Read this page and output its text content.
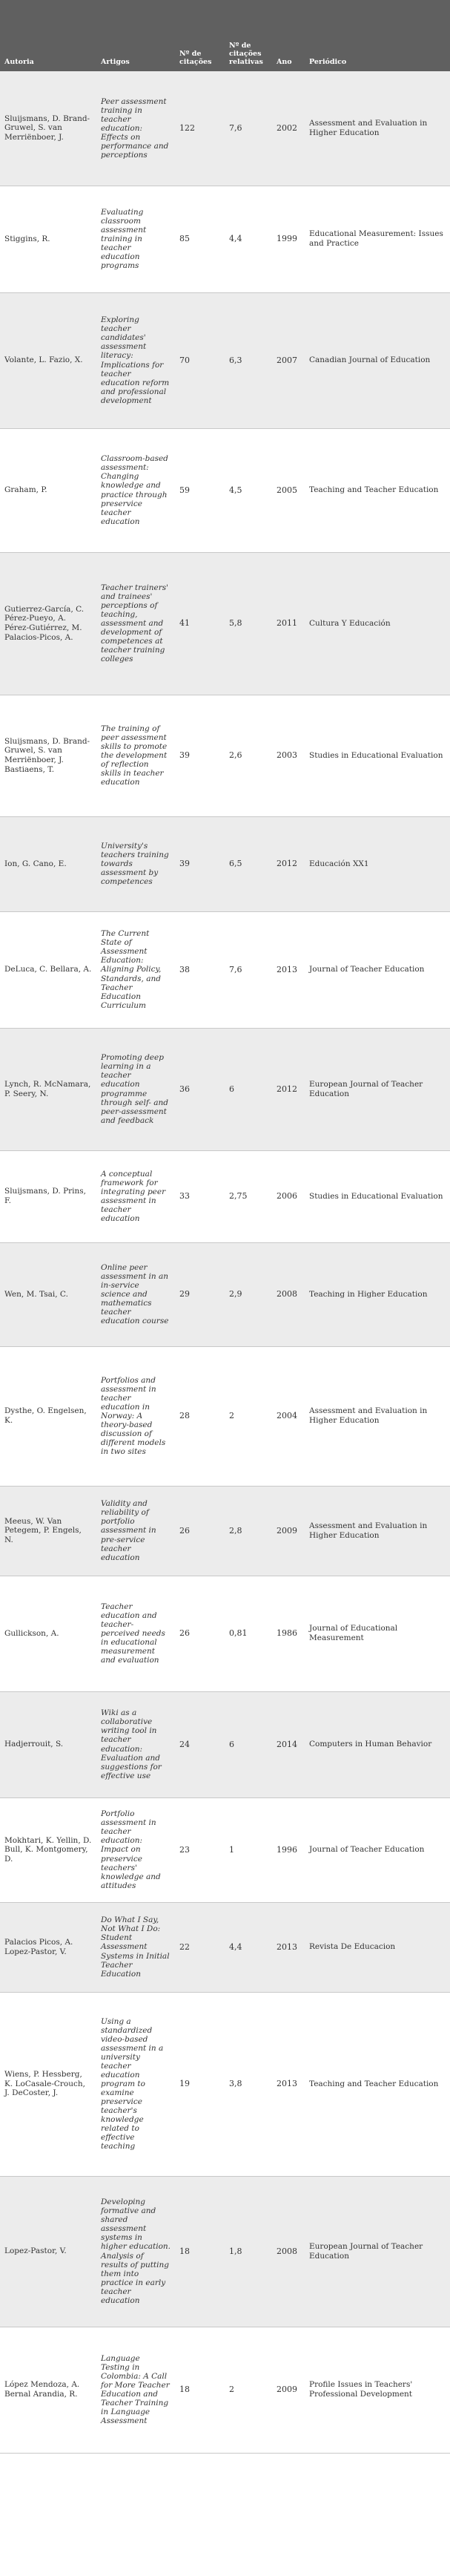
Autoria	Artigos	Nº de citações	Nº de citações relativas	Ano	Periódico
Sluijsmans, D. Brand-Gruwel, S. van Merriënboer, J.	Peer assessment training in teacher education: Effects on performance and perceptions	122	7,6	2002	Assessment and Evaluation in Higher Education
Stiggins, R.	Evaluating classroom assessment training in teacher education programs	85	4,4	1999	Educational Measurement: Issues and Practice
Volante, L. Fazio, X.	Exploring teacher candidates' assessment literacy: Implications for teacher education reform and professional development	70	6,3	2007	Canadian Journal of Education
Graham, P.	Classroom-based assessment: Changing knowledge and practice through preservice teacher education	59	4,5	2005	Teaching and Teacher Education
Gutierrez-García, C. Pérez-Pueyo, A. Pérez-Gutiérrez, M. Palacios-Picos, A.	Teacher trainers' and trainees' perceptions of teaching, assessment and development of competences at teacher training colleges	41	5,8	2011	Cultura Y Educación
Sluijsmans, D. Brand-Gruwel, S. van Merriënboer, J. Bastiaens, T.	The training of peer assessment skills to promote the development of reflection skills in teacher education	39	2,6	2003	Studies in Educational Evaluation
Ion, G. Cano, E.	University's teachers training towards assessment by competences	39	6,5	2012	Educación XX1
DeLuca, C. Bellara, A.	The Current State of Assessment Education: Aligning Policy, Standards, and Teacher Education Curriculum	38	7,6	2013	Journal of Teacher Education
Lynch, R. McNamara, P. Seery, N.	Promoting deep learning in a teacher education programme through self- and peer-assessment and feedback	36	6	2012	European Journal of Teacher Education
Sluijsmans, D. Prins, F.	A conceptual framework for integrating peer assessment in teacher education	33	2,75	2006	Studies in Educational Evaluation
Wen, M. Tsai, C.	Online peer assessment in an in-service science and mathematics teacher education course	29	2,9	2008	Teaching in Higher Education
Dysthe, O. Engelsen, K.	Portfolios and assessment in teacher education in Norway: A theory-based discussion of different models in two sites	28	2	2004	Assessment and Evaluation in Higher Education
Meeus, W. Van Petegem, P. Engels, N.	Validity and reliability of portfolio assessment in pre-service teacher education	26	2,8	2009	Assessment and Evaluation in Higher Education
Gullickson, A.	Teacher education and teacher-perceived needs in educational measurement and evaluation	26	0,81	1986	Journal of Educational Measurement
Hadjerrouit, S.	Wiki as a collaborative writing tool in teacher education: Evaluation and suggestions for effective use	24	6	2014	Computers in Human Behavior
Mokhtari, K. Yellin, D. Bull, K. Montgomery, D.	Portfolio assessment in teacher education: Impact on preservice teachers' knowledge and attitudes	23	1	1996	Journal of Teacher Education
Palacios Picos, A. Lopez-Pastor, V.	Do What I Say, Not What I Do: Student Assessment Systems in Initial Teacher Education	22	4,4	2013	Revista De Educacion
Wiens, P. Hessberg, K. LoCasale-Crouch, J. DeCoster, J.	Using a standardized video-based assessment in a university teacher education program to examine preservice teacher's knowledge related to effective teaching	19	3,8	2013	Teaching and Teacher Education
Lopez-Pastor, V.	Developing formative and shared assessment systems in higher education. Analysis of results of putting them into practice in early teacher education	18	1,8	2008	European Journal of Teacher Education
López Mendoza, A. Bernal Arandia, R.	Language Testing in Colombia: A Call for More Teacher Education and Teacher Training in Language Assessment	18	2	2009	Profile Issues in Teachers' Professional Development
